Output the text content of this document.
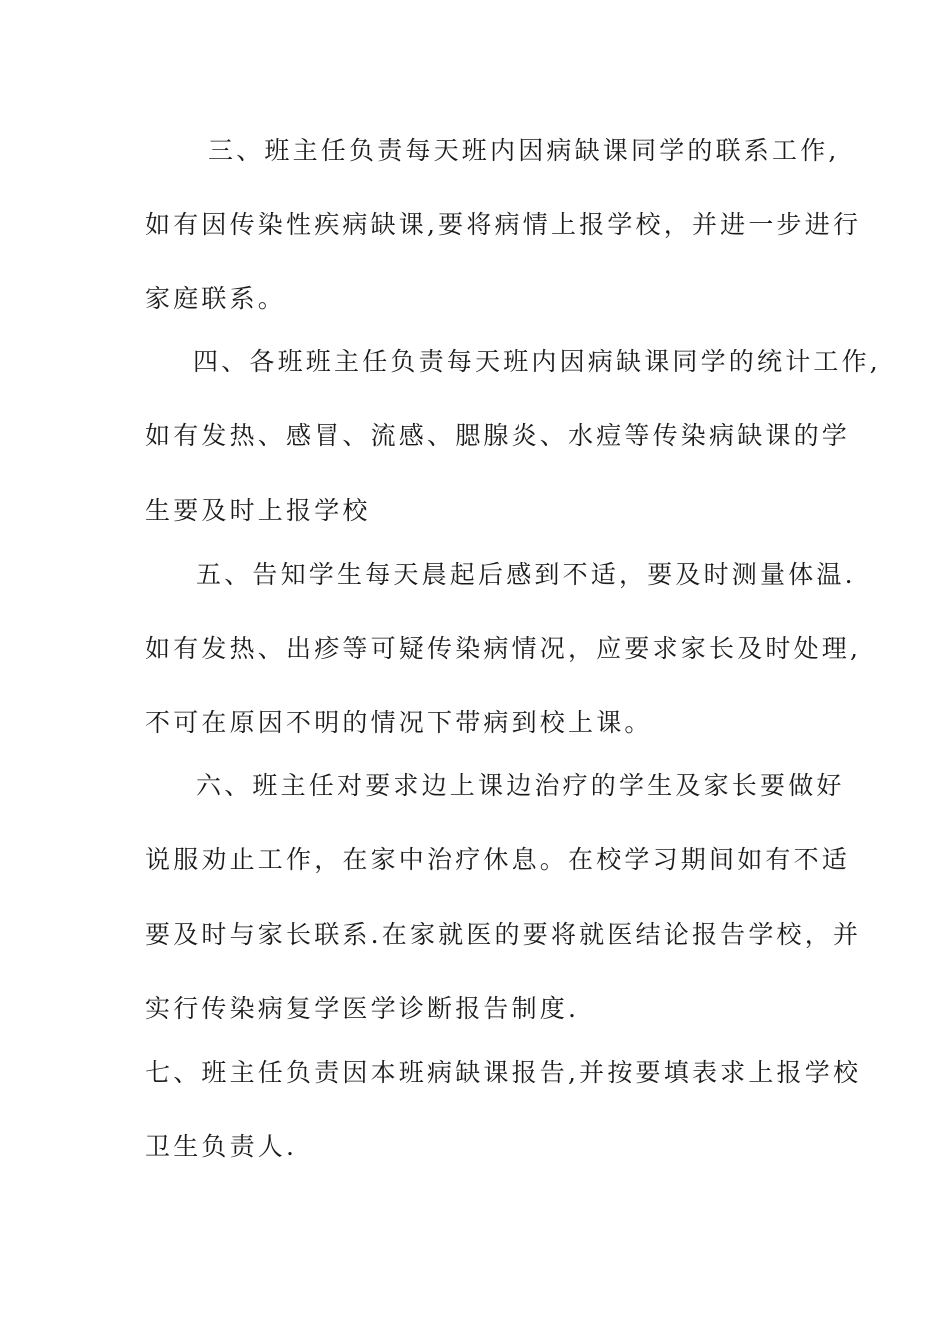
三、班主任负责每天班内因病缺课同学的联系工作,
如有因传染性疾病缺课,要将病情上报学校，并进一步进行
家庭联系。
四、各班班主任负责每天班内因病缺课同学的统计工作,
如有发热、感冒、流感、腮腺炎、水痘等传染病缺课的学
生要及时上报学校
五、告知学生每天晨起后感到不适，要及时测量体温.
如有发热、出疹等可疑传染病情况，应要求家长及时处理,
不可在原因不明的情况下带病到校上课。
六、班主任对要求边上课边治疗的学生及家长要做好
说服劝止工作，在家中治疗休息。在校学习期间如有不适
要及时与家长联系.在家就医的要将就医结论报告学校，并
实行传染病复学医学诊断报告制度.
七、班主任负责因本班病缺课报告,并按要填表求上报学校
卫生负责人.
